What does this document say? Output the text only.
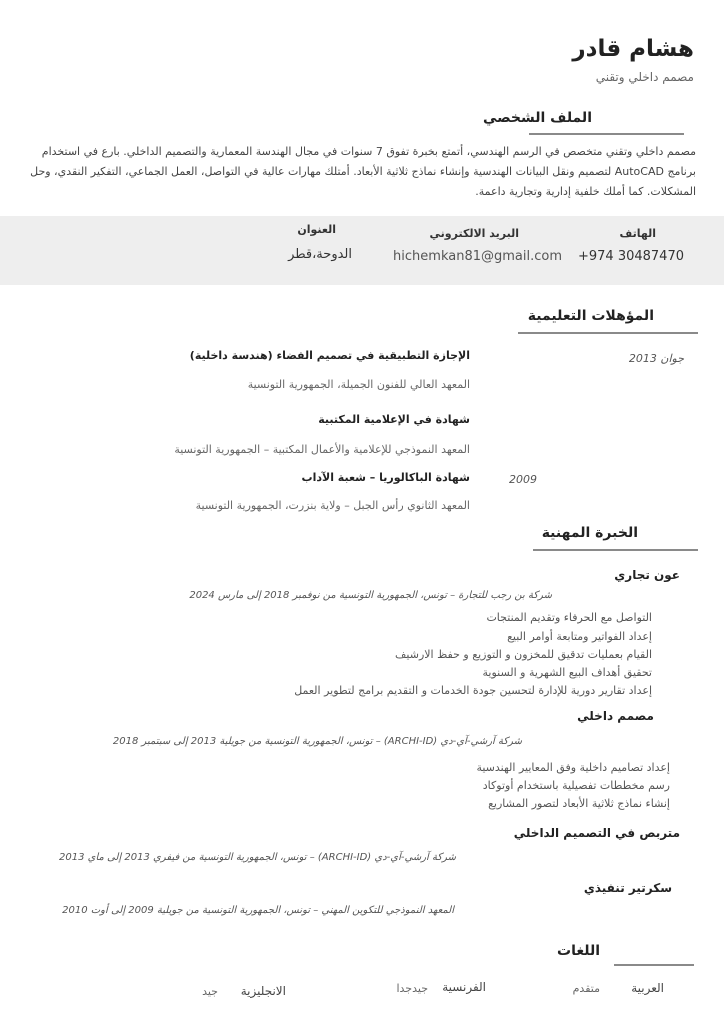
هشام قادر
مصمم داخلي وتقني
الملف الشخصي
مصمم داخلي وتقني متخصص في الرسم الهندسي، أتمتع بخبرة تفوق 7 سنوات في مجال الهندسة المعمارية والتصميم الداخلي. بارع في استخدام
برنامج AutoCAD لتصميم ونقل البيانات الهندسية وإنشاء نماذج ثلاثية الأبعاد. أمتلك مهارات عالية في التواصل، العمل الجماعي، التفكير النقدي، وحل
المشكلات. كما أملك خلفية إدارية وتجارية داعمة.
الهاتف
+974 30487470
البريد الالكتروني
hichemkan81@gmail.com
العنوان
الدوحة،قطر
المؤهلات التعليمية
جوان 2013
الإجازة التطبيقية في تصميم الفضاء (هندسة داخلية)
المعهد العالي للفنون الجميلة، الجمهورية التونسية
شهادة في الإعلامية المكتبية
المعهد النموذجي للإعلامية والأعمال المكتبية – الجمهورية التونسية
2009
شهادة الباكالوريا – شعبة الآداب
المعهد الثانوي رأس الجبل – ولاية بنزرت، الجمهورية التونسية
الخبرة المهنية
عون تجاري
شركة بن رجب للتجارة – تونس، الجمهورية التونسية من نوفمبر 2018 إلى مارس 2024
التواصل مع الحرفاء وتقديم المنتجات
إعداد الفواتير ومتابعة أوامر البيع
القيام بعمليات تدقيق للمخزون و التوزيع و حفظ الارشيف
تحقيق أهداف البيع الشهرية و السنوية
إعداد تقارير دورية للإدارة لتحسين جودة الخدمات و التقديم برامج لتطوير العمل
مصمم داخلي
شركة آرشي-آي-دي (ARCHI-ID) – تونس، الجمهورية التونسية من جويلية 2013 إلى سبتمبر 2018
إعداد تصاميم داخلية وفق المعايير الهندسية
رسم مخططات تفصيلية باستخدام أوتوكاد
إنشاء نماذج ثلاثية الأبعاد لتصور المشاريع
متربص في التصميم الداخلي
شركة آرشي-آي-دي (ARCHI-ID) – تونس، الجمهورية التونسية من فيفري 2013 إلى ماي 2013
سكرتير تنفيذي
المعهد النموذجي للتكوين المهني – تونس، الجمهورية التونسية من جويلية 2009 إلى أوت 2010
اللغات
العربية
متقدم
الفرنسية
جيدجدا
الانجليزية
جيد
